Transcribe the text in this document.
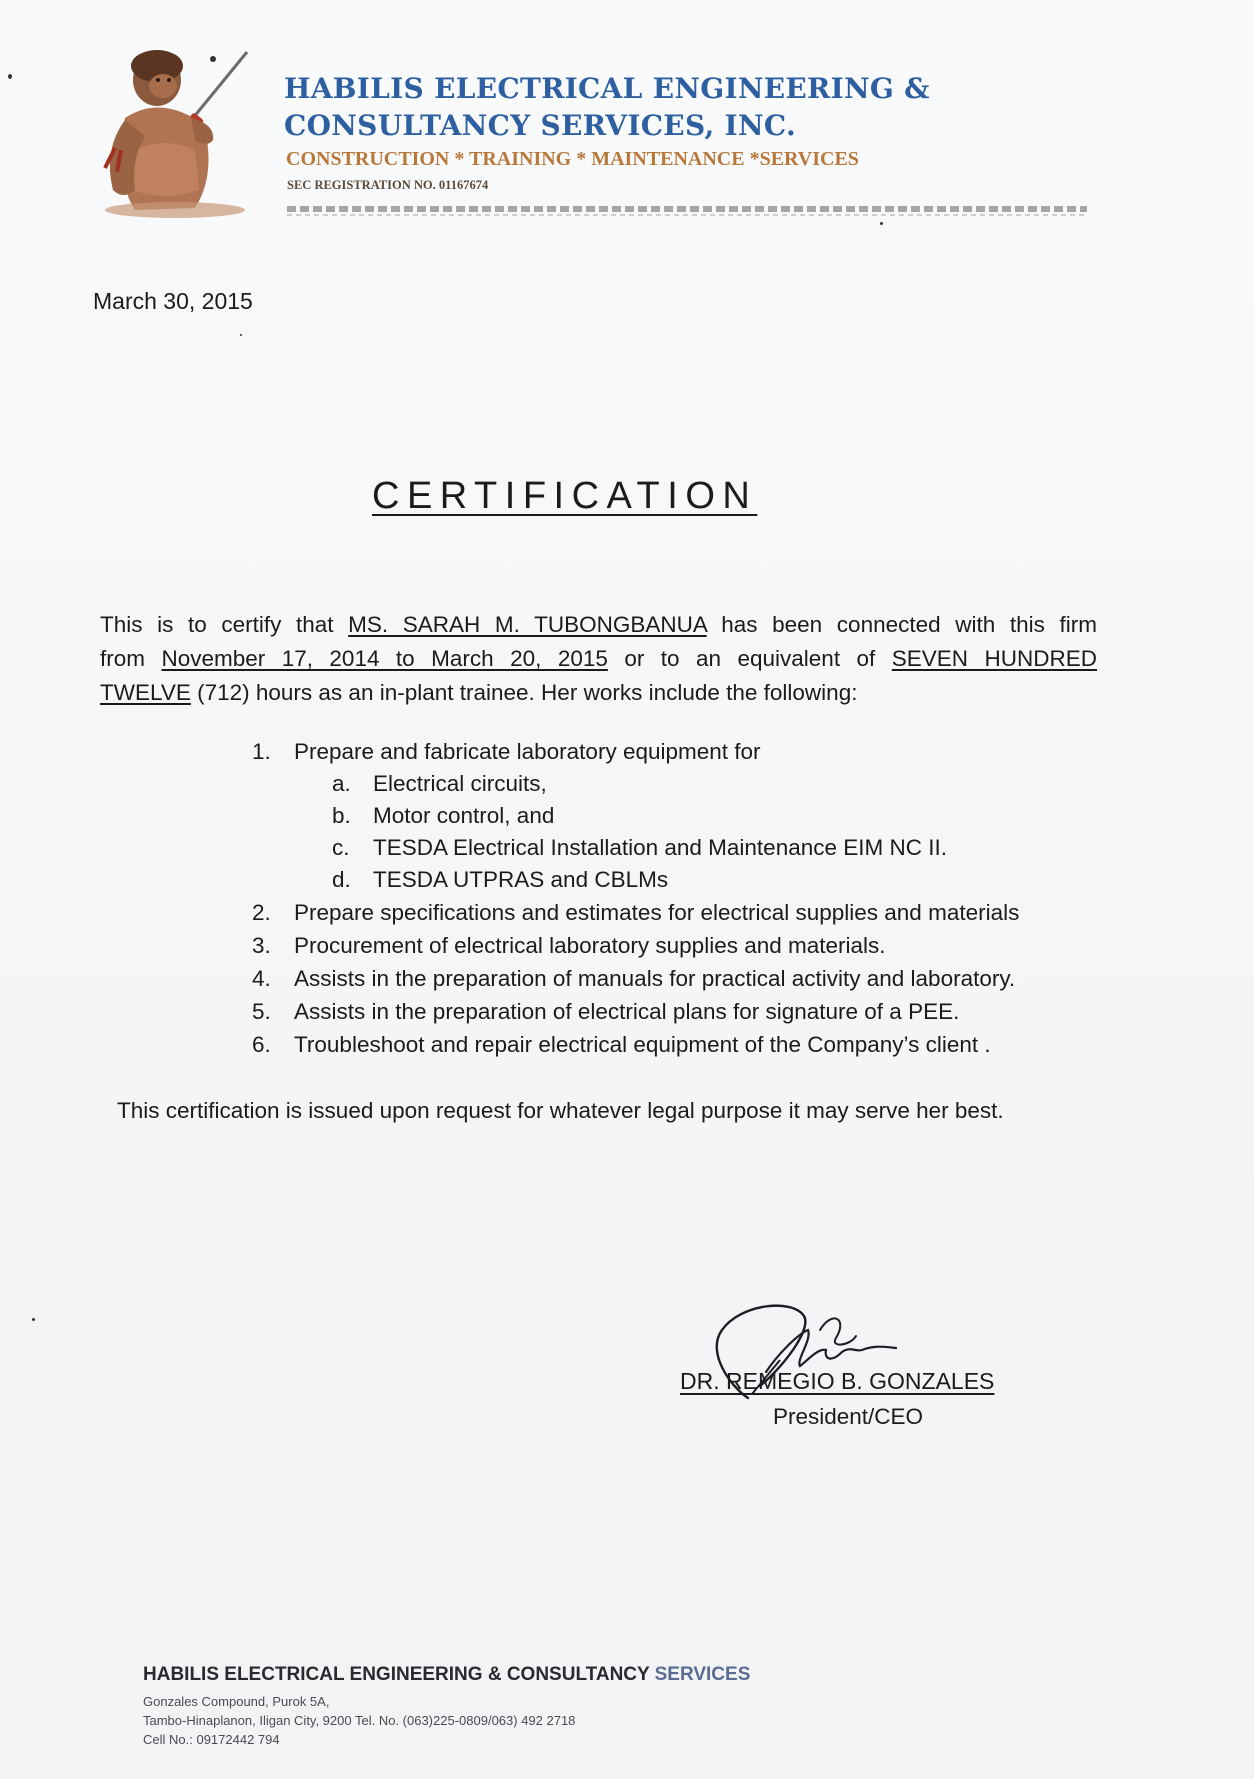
HABILIS ELECTRICAL ENGINEERING &
CONSULTANCY SERVICES, INC.
CONSTRUCTION * TRAINING * MAINTENANCE *SERVICES
SEC REGISTRATION NO. 01167674
March 30, 2015
CERTIFICATION
This is to certify that MS. SARAH M. TUBONGBANUA has been connected with this firm
from November 17, 2014 to March 20, 2015 or to an equivalent of SEVEN HUNDRED
TWELVE (712) hours as an in-plant trainee. Her works include the following:
1.	Prepare and fabricate laboratory equipment for
a. Electrical circuits,
b. Motor control, and
c. TESDA Electrical Installation and Maintenance EIM NC II.
d. TESDA UTPRAS and CBLMs
2.	Prepare specifications and estimates for electrical supplies and materials
3.	Procurement of electrical laboratory supplies and materials.
4.	Assists in the preparation of manuals for practical activity and laboratory.
5.	Assists in the preparation of electrical plans for signature of a PEE.
6.	Troubleshoot and repair electrical equipment of the Company’s client .
This certification is issued upon request for whatever legal purpose it may serve her best.
DR. REMEGIO B. GONZALES
President/CEO
HABILIS ELECTRICAL ENGINEERING & CONSULTANCY SERVICES
Gonzales Compound, Purok 5A,
Tambo-Hinaplanon, Iligan City, 9200 Tel. No. (063)225-0809/063) 492 2718
Cell No.: 09172442 794
